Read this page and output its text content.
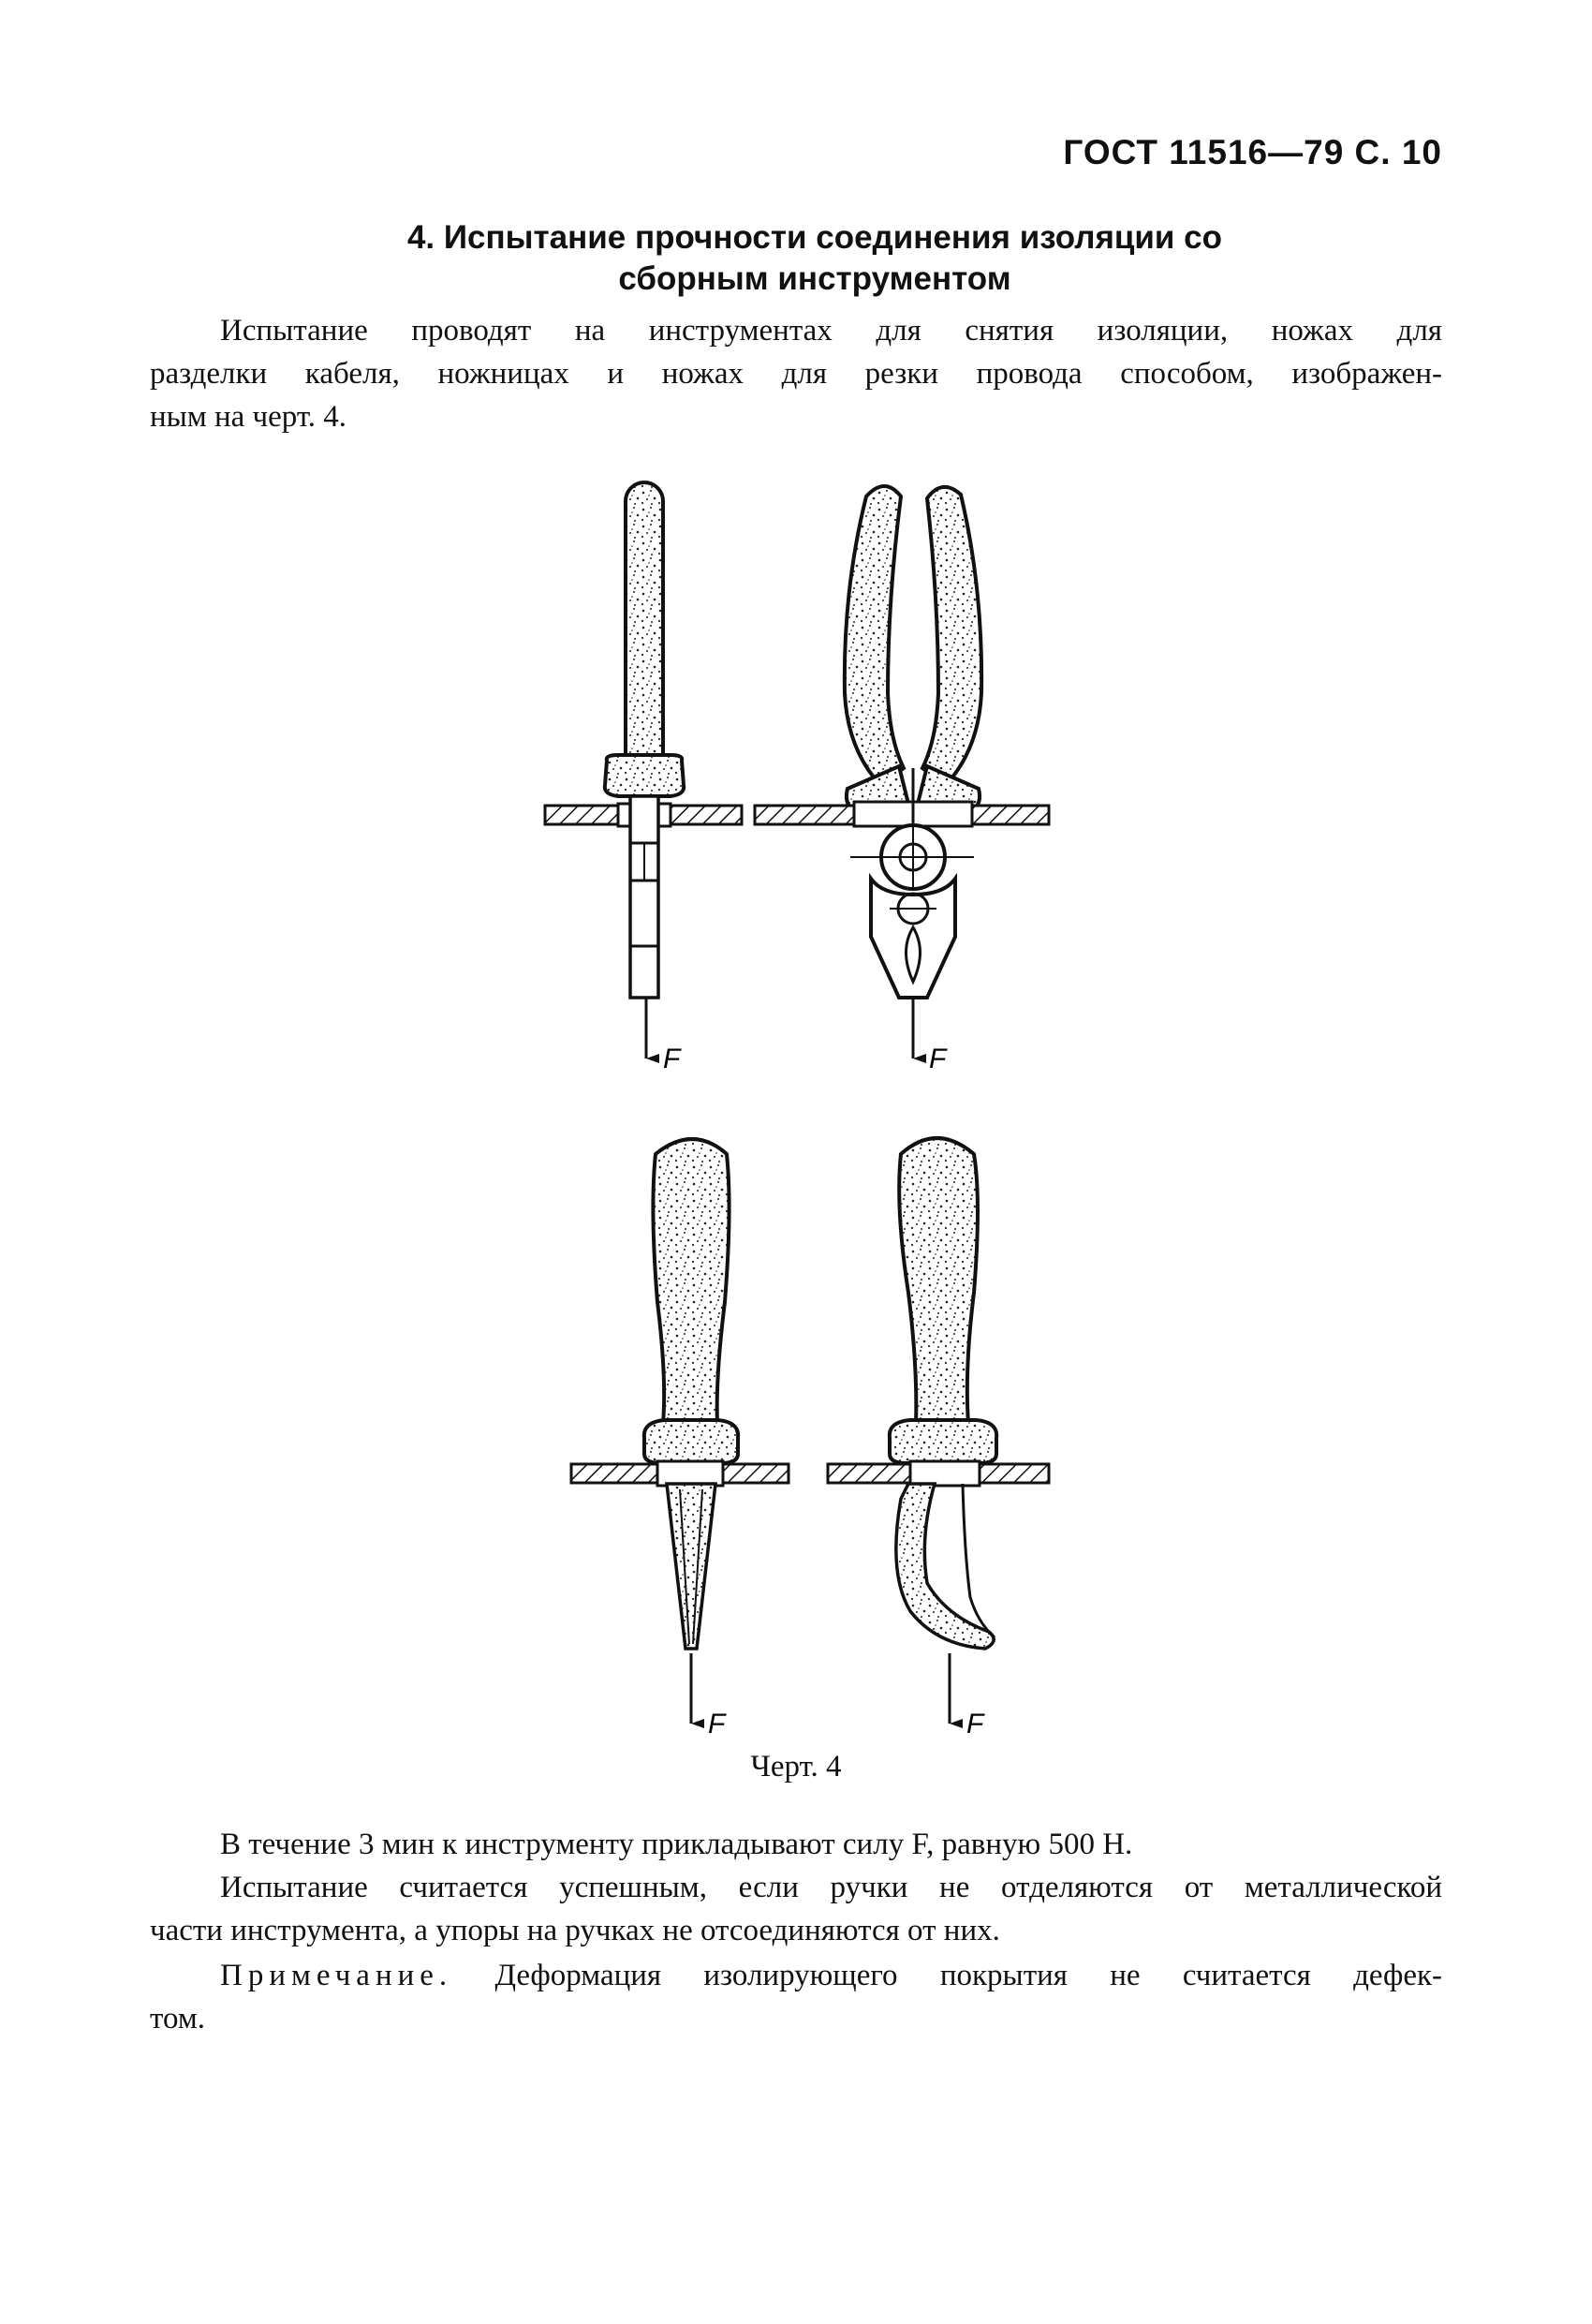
ГОСТ 11516—79 С. 10
4. Испытание прочности соединения изоляции со
сборным инструментом
Испытание проводят на инструментах для снятия изоляции, ножах для
разделки кабеля, ножницах и ножах для резки провода способом, изображен-
ным на черт. 4.
F	F
F	F
Черт. 4
В течение 3 мин к инструменту прикладывают силу F, равную 500 Н.
Испытание считается успешным, если ручки не отделяются от металлической
части инструмента, а упоры на ручках не отсоединяются от них.
Примечание. Деформация изолирующего покрытия не считается дефек-
том.
